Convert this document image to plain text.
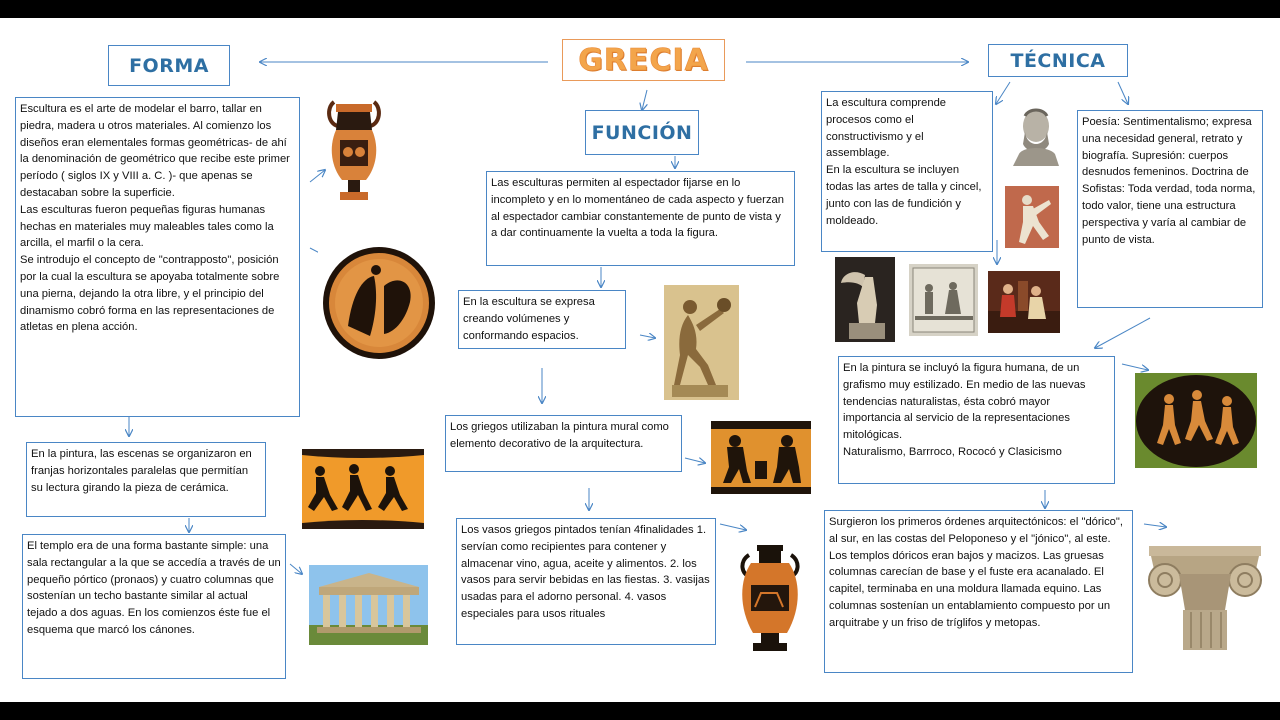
GRECIA
FORMA
FUNCIÓN
TÉCNICA
Escultura es el arte de modelar el barro, tallar en piedra, madera u otros materiales. Al comienzo los diseños eran elementales formas geométricas- de ahí la denominación de geométrico que recibe este primer período ( siglos IX y VIII a. C. )- que apenas se destacaban sobre la superficie.
Las esculturas fueron pequeñas figuras humanas hechas en materiales muy maleables tales como la arcilla, el marfil o la cera.
Se introdujo el concepto de "contrapposto", posición por la cual la escultura se apoyaba totalmente sobre una pierna, dejando la otra libre, y el principio del dinamismo cobró forma en las representaciones de atletas en plena acción.
En la pintura, las escenas se organizaron en franjas horizontales paralelas que permitían su lectura girando la pieza de cerámica.
El templo era de una forma bastante simple: una sala rectangular a la que se accedía a través de un pequeño pórtico (pronaos) y cuatro columnas que sostenían un techo bastante similar al actual tejado a dos aguas. En los comienzos éste fue el esquema que marcó los cánones.
Las esculturas permiten al espectador fijarse en lo incompleto y en lo momentáneo de cada aspecto y fuerzan al espectador cambiar constantemente de punto de vista y a dar continuamente la vuelta a toda la figura.
En la escultura se expresa creando volúmenes y conformando espacios.
Los griegos utilizaban la pintura mural como elemento decorativo de la arquitectura.
Los vasos griegos pintados tenían 4finalidades 1. servían como recipientes para contener y almacenar vino, agua, aceite y alimentos. 2. los vasos para servir bebidas en las fiestas. 3. vasijas usadas para el adorno personal. 4. vasos especiales para usos rituales
La escultura comprende procesos como el constructivismo y el assemblage.
En la escultura se incluyen todas las artes de talla y cincel, junto con las de fundición y moldeado.
Poesía: Sentimentalismo; expresa una necesidad general, retrato y biografía. Supresión: cuerpos desnudos femeninos. Doctrina de Sofistas: Toda verdad, toda norma, todo valor, tiene una estructura perspectiva y varía al cambiar de punto de vista.
En la pintura se incluyó la figura humana, de un grafismo muy estilizado. En medio de las nuevas tendencias naturalistas, ésta cobró mayor importancia al servicio de la representaciones mitológicas.
Naturalismo, Barrroco, Rococó y Clasicismo
Surgieron los primeros órdenes arquitectónicos: el "dórico", al sur, en las costas del Peloponeso y el "jónico", al este.
Los templos dóricos eran bajos y macizos. Las gruesas columnas carecían de base y el fuste era acanalado. El capitel, terminaba en una moldura llamada equino. Las columnas sostenían un entablamiento compuesto por un arquitrabe y un friso de tríglifos y metopas.
